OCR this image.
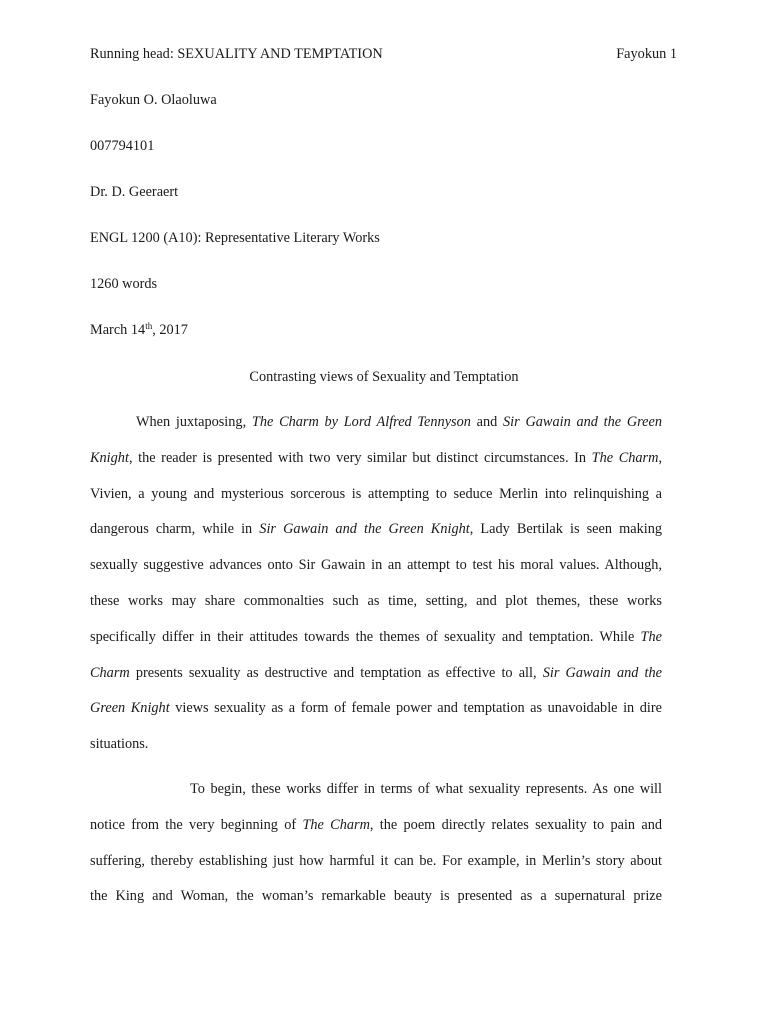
Running head: SEXUALITY AND TEMPTATION	Fayokun 1
Fayokun O. Olaoluwa
007794101
Dr. D. Geeraert
ENGL 1200 (A10): Representative Literary Works
1260 words
March 14th, 2017
Contrasting views of Sexuality and Temptation
When juxtaposing, The Charm by Lord Alfred Tennyson and Sir Gawain and the Green
Knight, the reader is presented with two very similar but distinct circumstances. In The Charm,
Vivien, a young and mysterious sorcerous is attempting to seduce Merlin into relinquishing a
dangerous charm, while in Sir Gawain and the Green Knight, Lady Bertilak is seen making
sexually suggestive advances onto Sir Gawain in an attempt to test his moral values. Although,
these works may share commonalties such as time, setting, and plot themes, these works
specifically differ in their attitudes towards the themes of sexuality and temptation. While The
Charm presents sexuality as destructive and temptation as effective to all, Sir Gawain and the
Green Knight views sexuality as a form of female power and temptation as unavoidable in dire
situations.
To begin, these works differ in terms of what sexuality represents. As one will
notice from the very beginning of The Charm, the poem directly relates sexuality to pain and
suffering, thereby establishing just how harmful it can be. For example, in Merlin’s story about
the King and Woman, the woman’s remarkable beauty is presented as a supernatural prize
